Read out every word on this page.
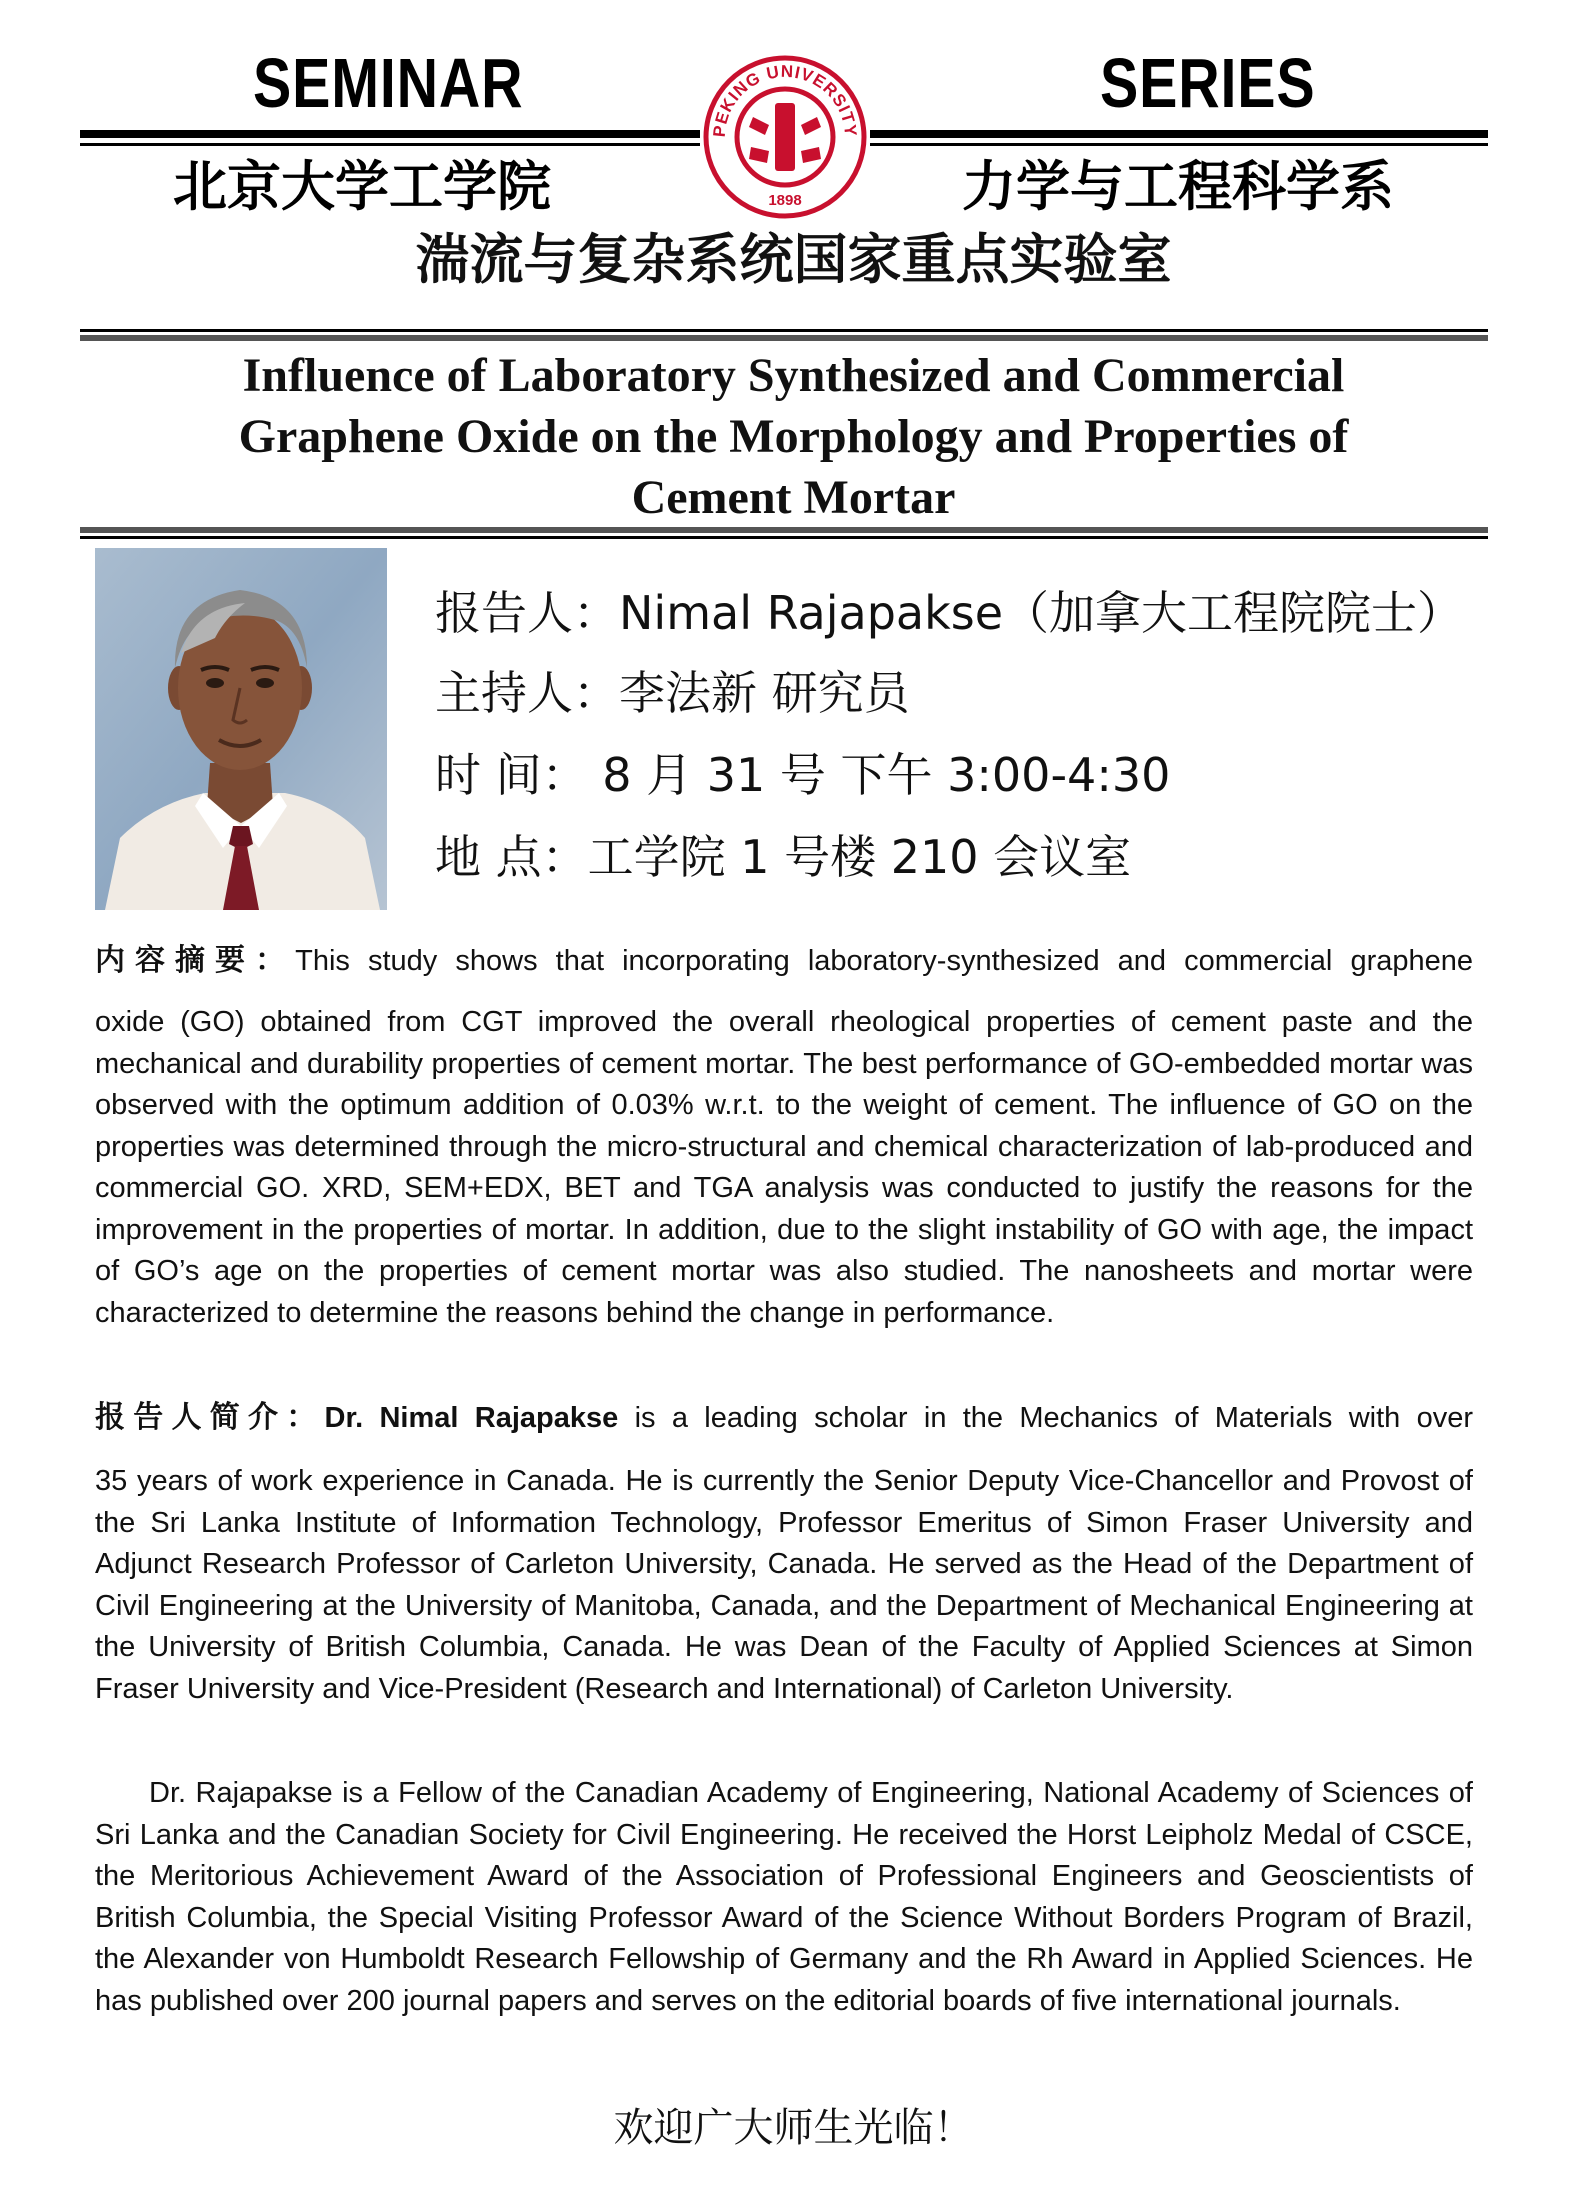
SEMINAR	SERIES
PEKING UNIVERSITY
1898
北京大学工学院	力学与工程科学系
湍流与复杂系统国家重点实验室
Influence of Laboratory Synthesized and Commercial
Graphene Oxide on the Morphology and Properties of
Cement Mortar
报告人：Nimal Rajapakse（加拿大工程院院士）
主持人：李法新 研究员
时 间： 8 月 31 号 下午 3:00-4:30
地 点：工学院 1 号楼 210 会议室
内容摘要：This study shows that incorporating laboratory-synthesized and commercial graphene
oxide (GO) obtained from CGT improved the overall rheological properties of cement paste and the mechanical and durability properties of cement mortar. The best performance of GO-embedded mortar was observed with the optimum addition of 0.03% w.r.t. to the weight of cement. The influence of GO on the properties was determined through the micro-structural and chemical characterization of lab-produced and commercial GO. XRD, SEM+EDX, BET and TGA analysis was conducted to justify the reasons for the improvement in the properties of mortar. In addition, due to the slight instability of GO with age, the impact of GO’s age on the properties of cement mortar was also studied. The nanosheets and mortar were characterized to determine the reasons behind the change in performance.
报告人简介：Dr. Nimal Rajapakse is a leading scholar in the Mechanics of Materials with over
35 years of work experience in Canada. He is currently the Senior Deputy Vice-Chancellor and Provost of the Sri Lanka Institute of Information Technology, Professor Emeritus of Simon Fraser University and Adjunct Research Professor of Carleton University, Canada. He served as the Head of the Department of Civil Engineering at the University of Manitoba, Canada, and the Department of Mechanical Engineering at the University of British Columbia, Canada. He was Dean of the Faculty of Applied Sciences at Simon Fraser University and Vice-President (Research and International) of Carleton University.
Dr. Rajapakse is a Fellow of the Canadian Academy of Engineering, National Academy of Sciences of Sri Lanka and the Canadian Society for Civil Engineering. He received the Horst Leipholz Medal of CSCE, the Meritorious Achievement Award of the Association of Professional Engineers and Geoscientists of British Columbia, the Special Visiting Professor Award of the Science Without Borders Program of Brazil, the Alexander von Humboldt Research Fellowship of Germany and the Rh Award in Applied Sciences. He has published over 200 journal papers and serves on the editorial boards of five international journals.
欢迎广大师生光临！
